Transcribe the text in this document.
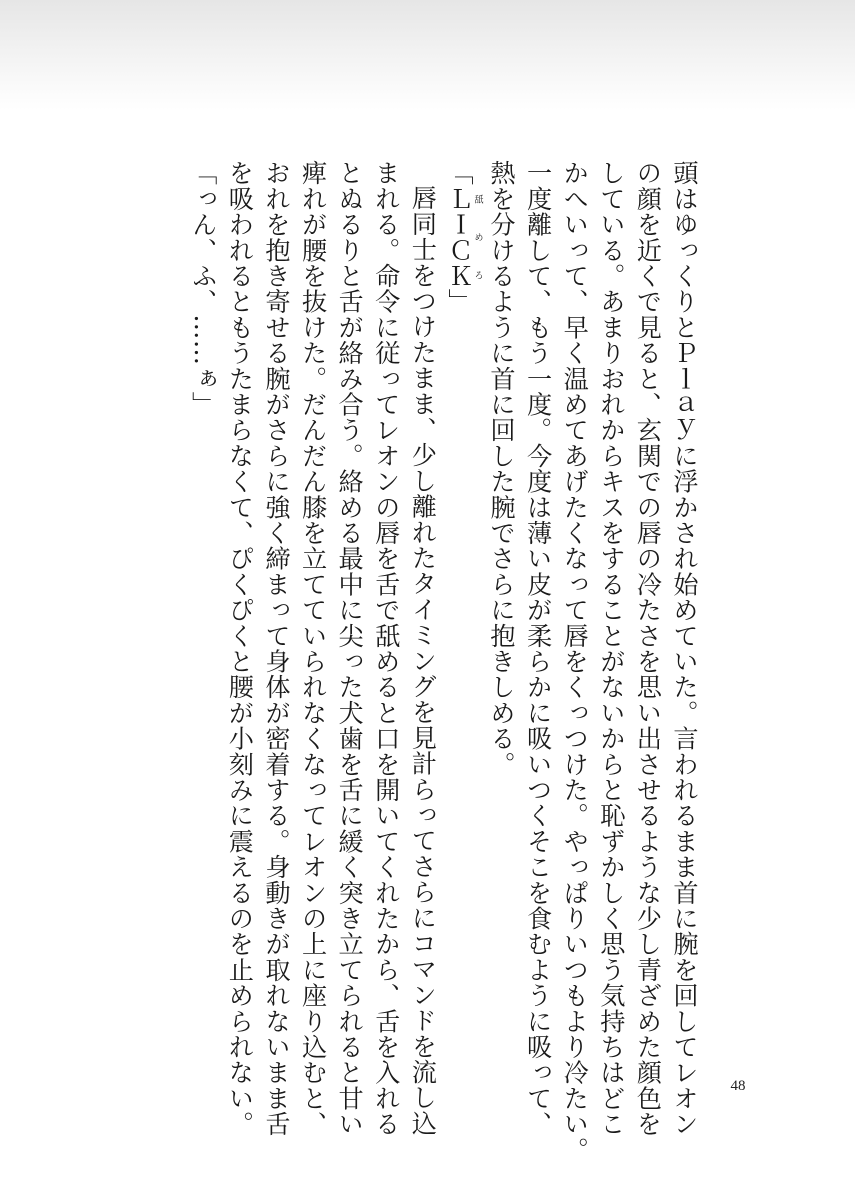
頭はゆっくりとＰｌａｙに浮かされ始めていた。言われるまま首に腕を回してレオン

の顔を近くで見ると、玄関での唇の冷たさを思い出させるような少し青ざめた顔色を

している。あまりおれからキスをすることがないからと恥ずかしく思う気持ちはどこ

かへいって、早く温めてあげたくなって唇をくっつけた。やっぱりいつもより冷たい。

一度離して、もう一度。今度は薄い皮が柔らかに吸いつくそこを食むように吸って、

熱を分けるように首に回した腕でさらに抱きしめる。

「ＬＩＣＫ舐めろ」

唇同士をつけたまま、少し離れたタイミングを見計らってさらにコマンドを流し込

まれる。命令に従ってレオンの唇を舌で舐めると口を開いてくれたから、舌を入れる

とぬるりと舌が絡み合う。絡める最中に尖った犬歯を舌に緩く突き立てられると甘い

痺れが腰を抜けた。だんだん膝を立てていられなくなってレオンの上に座り込むと、

おれを抱き寄せる腕がさらに強く締まって身体が密着する。身動きが取れないまま舌

を吸われるともうたまらなくて、ぴくぴくと腰が小刻みに震えるのを止められない。

「っん、ふ、……ぁ」

48
